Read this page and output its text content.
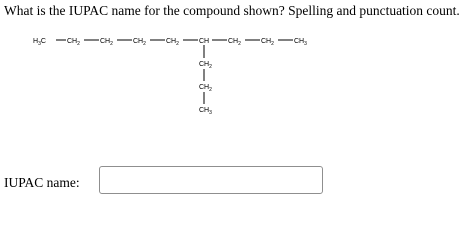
What is the IUPAC name for the compound shown? Spelling and punctuation count.
$H_3C$	$CH_2$	$CH_2$	$CH_2$	$CH_2$	CH	$CH_2$	$CH_2$	$CH_3$
$CH_2$
$CH_2$
$CH_3$
IUPAC name:
